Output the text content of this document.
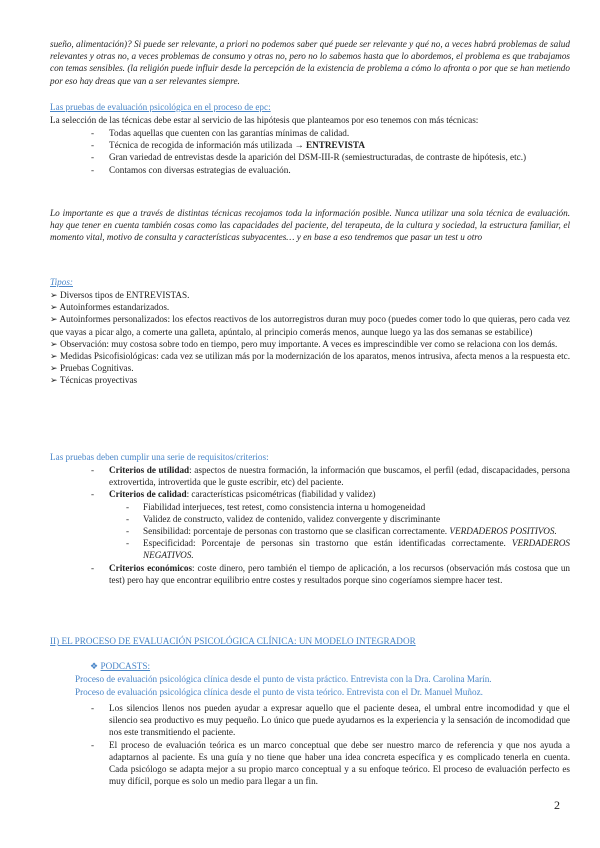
sueño, alimentación)? Si puede ser relevante, a priori no podemos saber qué puede ser relevante y qué no, a veces habrá problemas de salud relevantes y otras no, a veces problemas de consumo y otras no, pero no lo sabemos hasta que lo abordemos, el problema es que trabajamos con temas sensibles. (la religión puede influir desde la percepción de la existencia de problema a cómo lo afronta o por que se han metiendo por eso hay dreas que van a ser relevantes siempre.
Las pruebas de evaluación psicológica en el proceso de epc:
La selección de las técnicas debe estar al servicio de las hipótesis que planteamos por eso tenemos con más técnicas:
- Todas aquellas que cuenten con las garantías mínimas de calidad.
- Técnica de recogida de información más utilizada → ENTREVISTA
- Gran variedad de entrevistas desde la aparición del DSM-III-R (semiestructuradas, de contraste de hipótesis, etc.)
- Contamos con diversas estrategias de evaluación.
Lo importante es que a través de distintas técnicas recojamos toda la información posible. Nunca utilizar una sola técnica de evaluación. hay que tener en cuenta también cosas como las capacidades del paciente, del terapeuta, de la cultura y sociedad, la estructura familiar, el momento vital, motivo de consulta y características subyacentes… y en base a eso tendremos que pasar un test u otro
Tipos:
➢ Diversos tipos de ENTREVISTAS.
➢ Autoinformes estandarizados.
➢ Autoinformes personalizados: los efectos reactivos de los autorregistros duran muy poco (puedes comer todo lo que quieras, pero cada vez que vayas a picar algo, a comerte una galleta, apúntalo, al principio comerás menos, aunque luego ya las dos semanas se estabilice)
➢ Observación: muy costosa sobre todo en tiempo, pero muy importante. A veces es imprescindible ver como se relaciona con los demás.
➢ Medidas Psicofisiológicas: cada vez se utilizan más por la modernización de los aparatos, menos intrusiva, afecta menos a la respuesta etc.
➢ Pruebas Cognitivas.
➢ Técnicas proyectivas
Las pruebas deben cumplir una serie de requisitos/criterios:
- Criterios de utilidad: aspectos de nuestra formación, la información que buscamos, el perfil (edad, discapacidades, persona extrovertida, introvertida que le guste escribir, etc) del paciente.
- Criterios de calidad: características psicométricas (fiabilidad y validez)
- Fiabilidad interjueces, test retest, como consistencia interna u homogeneidad
- Validez de constructo, validez de contenido, validez convergente y discriminante
- Sensibilidad: porcentaje de personas con trastorno que se clasifican correctamente. VERDADEROS POSITIVOS.
- Especificidad: Porcentaje de personas sin trastorno que están identificadas correctamente. VERDADEROS NEGATIVOS.
- Criterios económicos: coste dinero, pero también el tiempo de aplicación, a los recursos (observación más costosa que un test) pero hay que encontrar equilibrio entre costes y resultados porque sino cogeríamos siempre hacer test.
II) EL PROCESO DE EVALUACIÓN PSICOLÓGICA CLÍNICA: UN MODELO INTEGRADOR
❖ PODCASTS:
Proceso de evaluación psicológica clínica desde el punto de vista práctico. Entrevista con la Dra. Carolina Marín.
Proceso de evaluación psicológica clínica desde el punto de vista teórico. Entrevista con el Dr. Manuel Muñoz.
- Los silencios llenos nos pueden ayudar a expresar aquello que el paciente desea, el umbral entre incomodidad y que el silencio sea productivo es muy pequeño. Lo único que puede ayudarnos es la experiencia y la sensación de incomodidad que nos este transmitiendo el paciente.
- El proceso de evaluación teórica es un marco conceptual que debe ser nuestro marco de referencia y que nos ayuda a adaptarnos al paciente. Es una guía y no tiene que haber una idea concreta específica y es complicado tenerla en cuenta. Cada psicólogo se adapta mejor a su propio marco conceptual y a su enfoque teórico. El proceso de evaluación perfecto es muy difícil, porque es solo un medio para llegar a un fin.
2
